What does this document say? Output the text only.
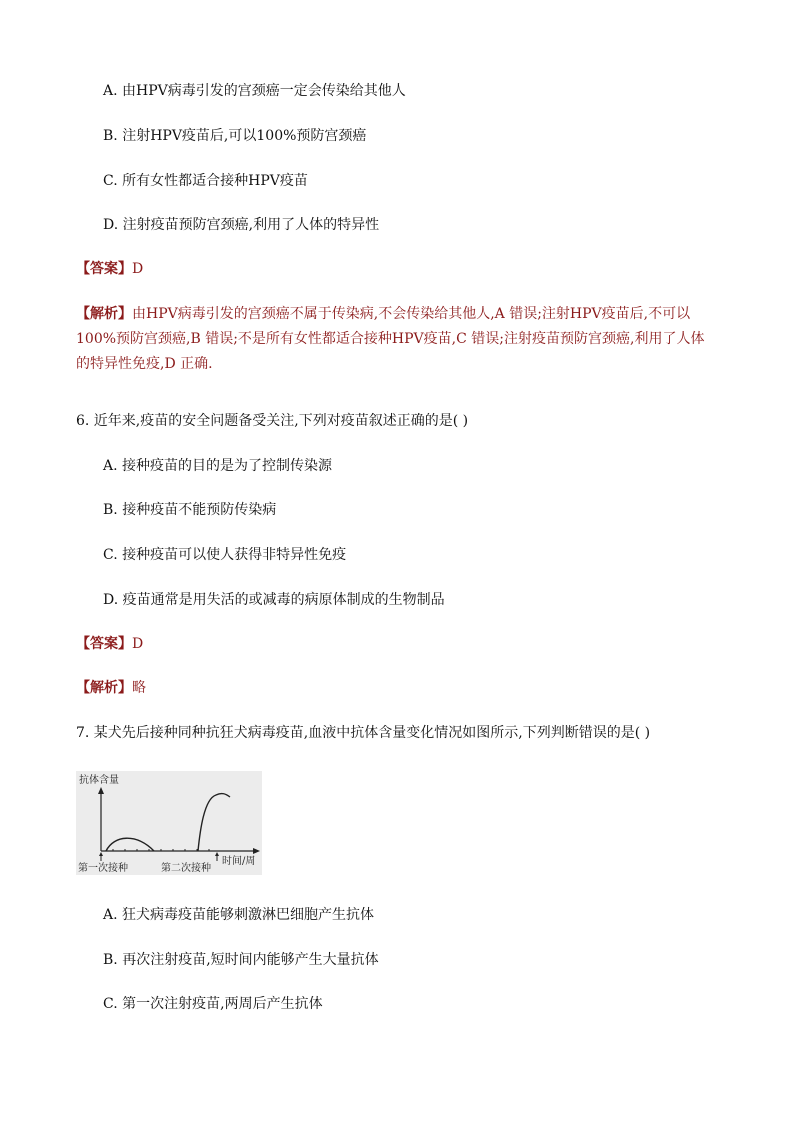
A. 由HPV病毒引发的宫颈癌一定会传染给其他人
B. 注射HPV疫苗后,可以100%预防宫颈癌
C. 所有女性都适合接种HPV疫苗
D. 注射疫苗预防宫颈癌,利用了人体的特异性
【答案】D
【解析】由HPV病毒引发的宫颈癌不属于传染病,不会传染给其他人,A 错误;注射HPV疫苗后,不可以100%预防宫颈癌,B 错误;不是所有女性都适合接种HPV疫苗,C 错误;注射疫苗预防宫颈癌,利用了人体的特异性免疫,D 正确.
6. 近年来,疫苗的安全问题备受关注,下列对疫苗叙述正确的是( )
A. 接种疫苗的目的是为了控制传染源
B. 接种疫苗不能预防传染病
C. 接种疫苗可以使人获得非特异性免疫
D. 疫苗通常是用失活的或减毒的病原体制成的生物制品
【答案】D
【解析】略
7. 某犬先后接种同种抗狂犬病毒疫苗,血液中抗体含量变化情况如图所示,下列判断错误的是( )
抗体含量
第一次接种	第二次接种
时间/周
A. 狂犬病毒疫苗能够刺激淋巴细胞产生抗体
B. 再次注射疫苗,短时间内能够产生大量抗体
C. 第一次注射疫苗,两周后产生抗体
